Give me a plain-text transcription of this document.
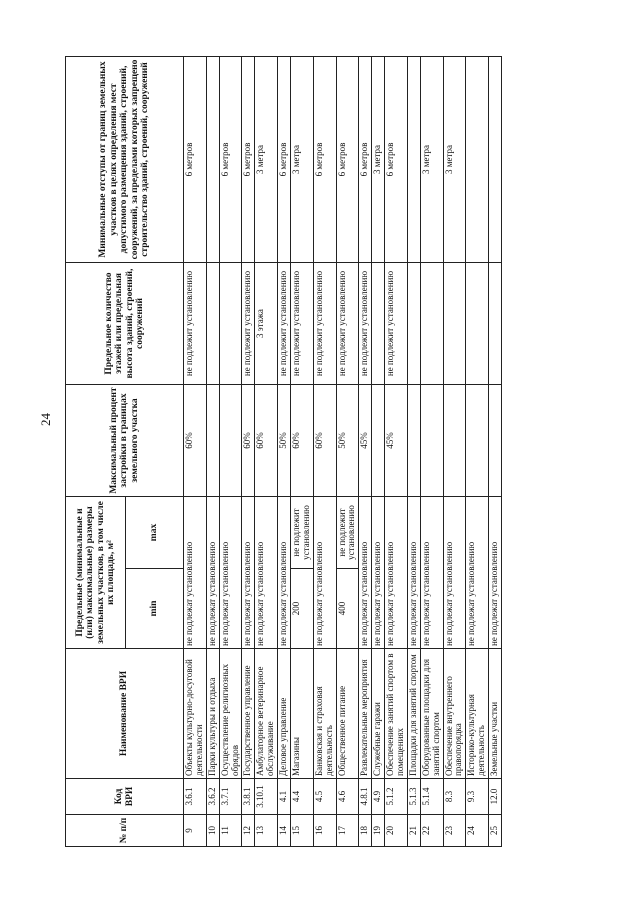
24
№ п/п	Код ВРИ	Наименование ВРИ	Предельные (минимальные и (или) максимальные) размеры земельных участков, в том числе их площадь, м²		Максимальный процент застройки в границах земельного участка	Предельное количество этажей или предельная высота зданий, строений, сооружений	Минимальные отступы от границ земельных участков в целях определения мест допустимого размещения зданий, строений, сооружений, за пределами которых запрещено строительство зданий, строений, сооружений
			min	max			
9	3.6.1	Объекты культурно-досуговой деятельности	не подлежат установлению		60%	не подлежит установлению	6 метров
10	3.6.2	Парки культуры и отдыха	не подлежат установлению				
11	3.7.1	Осуществление религиозных обрядов	не подлежат установлению				6 метров
12	3.8.1	Государственное управление	не подлежат установлению		60%	не подлежит установлению	6 метров
13	3.10.1	Амбулаторное ветеринарное обслуживание	не подлежат установлению		60%	3 этажа	3 метра
14	4.1	Деловое управление	не подлежат установлению		50%	не подлежит установлению	6 метров
15	4.4	Магазины	200	не подлежит установлению	60%	не подлежит установлению	3 метра
16	4.5	Банковская и страховая деятельность	не подлежат установлению		60%	не подлежит установлению	6 метров
17	4.6	Общественное питание	400	не подлежит установлению	50%	не подлежит установлению	6 метров
18	4.8.1	Развлекательные мероприятия	не подлежат установлению		45%	не подлежит установлению	6 метров
19	4.9	Служебные гаражи	не подлежат установлению				3 метра
20	5.1.2	Обеспечение занятий спортом в помещениях	не подлежат установлению		45%	не подлежит установлению	6 метров
21	5.1.3	Площадки для занятий спортом	не подлежат установлению				
22	5.1.4	Оборудованные площадки для занятий спортом	не подлежат установлению				3 метра
23	8.3	Обеспечение внутреннего правопорядка	не подлежат установлению				3 метра
24	9.3	Историко-культурная деятельность	не подлежат установлению				
25	12.0	Земельные участки	не подлежат установлению				
